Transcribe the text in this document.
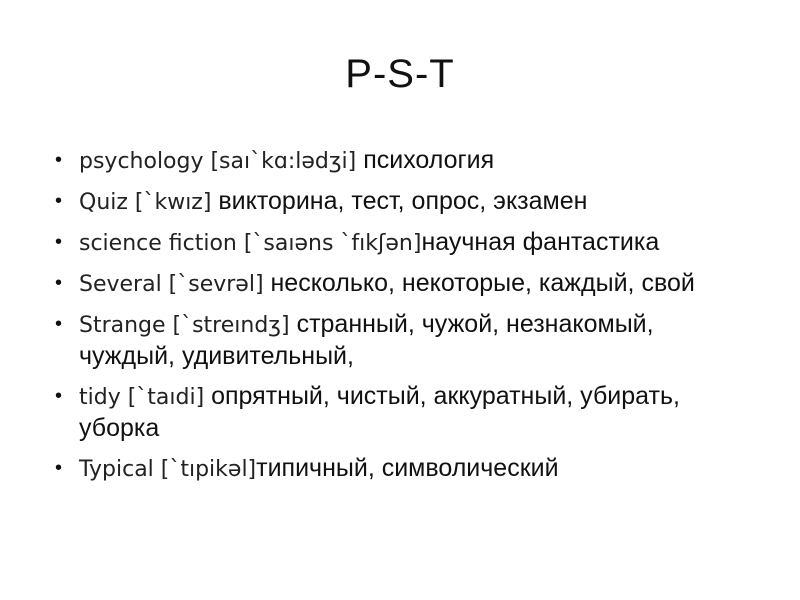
P-S-T
• psychology [saı`kɑ:lədʒi] психология
• Quiz [`kwız] викторина, тест, опрос, экзамен
• science fiction [`saıəns `fıkʃən]научная фантастика
• Several [`sevrəl] несколько, некоторые, каждый, свой
• Strange [`streındʒ] странный, чужой, незнакомый, чуждый, удивительный,
• tidy [`taıdi] опрятный, чистый, аккуратный, убирать, уборка
• Typical [`tıpikəl]типичный, символический
